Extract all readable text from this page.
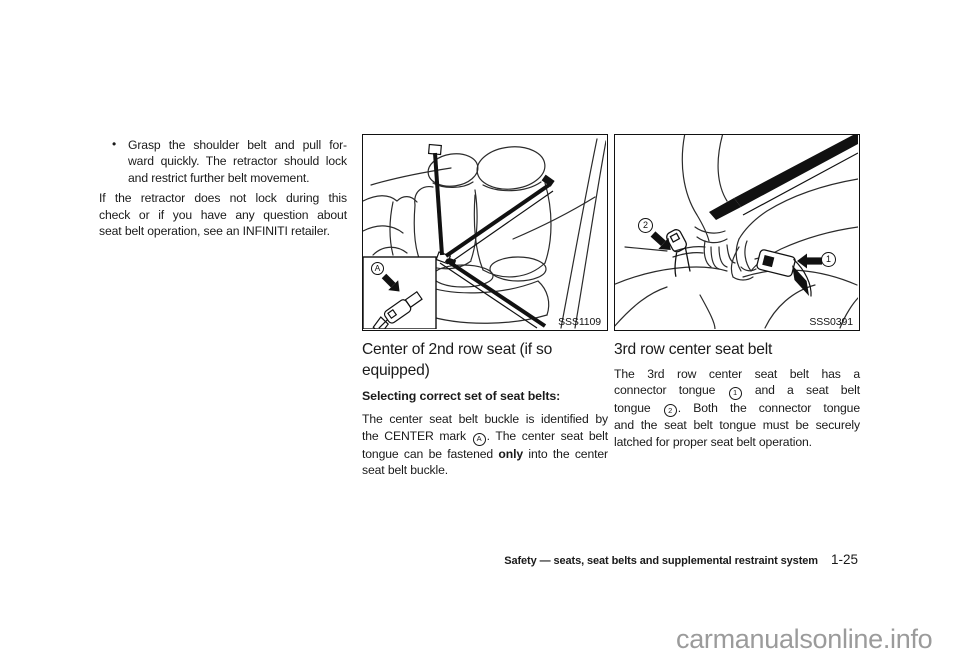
• Grasp the shoulder belt and pull for-
ward quickly. The retractor should lock
and restrict further belt movement.
If the retractor does not lock during this
check or if you have any question about
seat belt operation, see an INFINITI retailer.
A
SSS1109
2
1
SSS0391
Center of 2nd row seat (if so
equipped)
Selecting correct set of seat belts:
The center seat belt buckle is identified by
the CENTER mark A . The center seat belt
tongue can be fastened only into the center
seat belt buckle.
3rd row center seat belt
The 3rd row center seat belt has a
connector tongue 1 and a seat belt
tongue 2 . Both the connector tongue
and the seat belt tongue must be securely
latched for proper seat belt operation.
Safety — seats, seat belts and supplemental restraint system 1-25
carmanualsonline.info
